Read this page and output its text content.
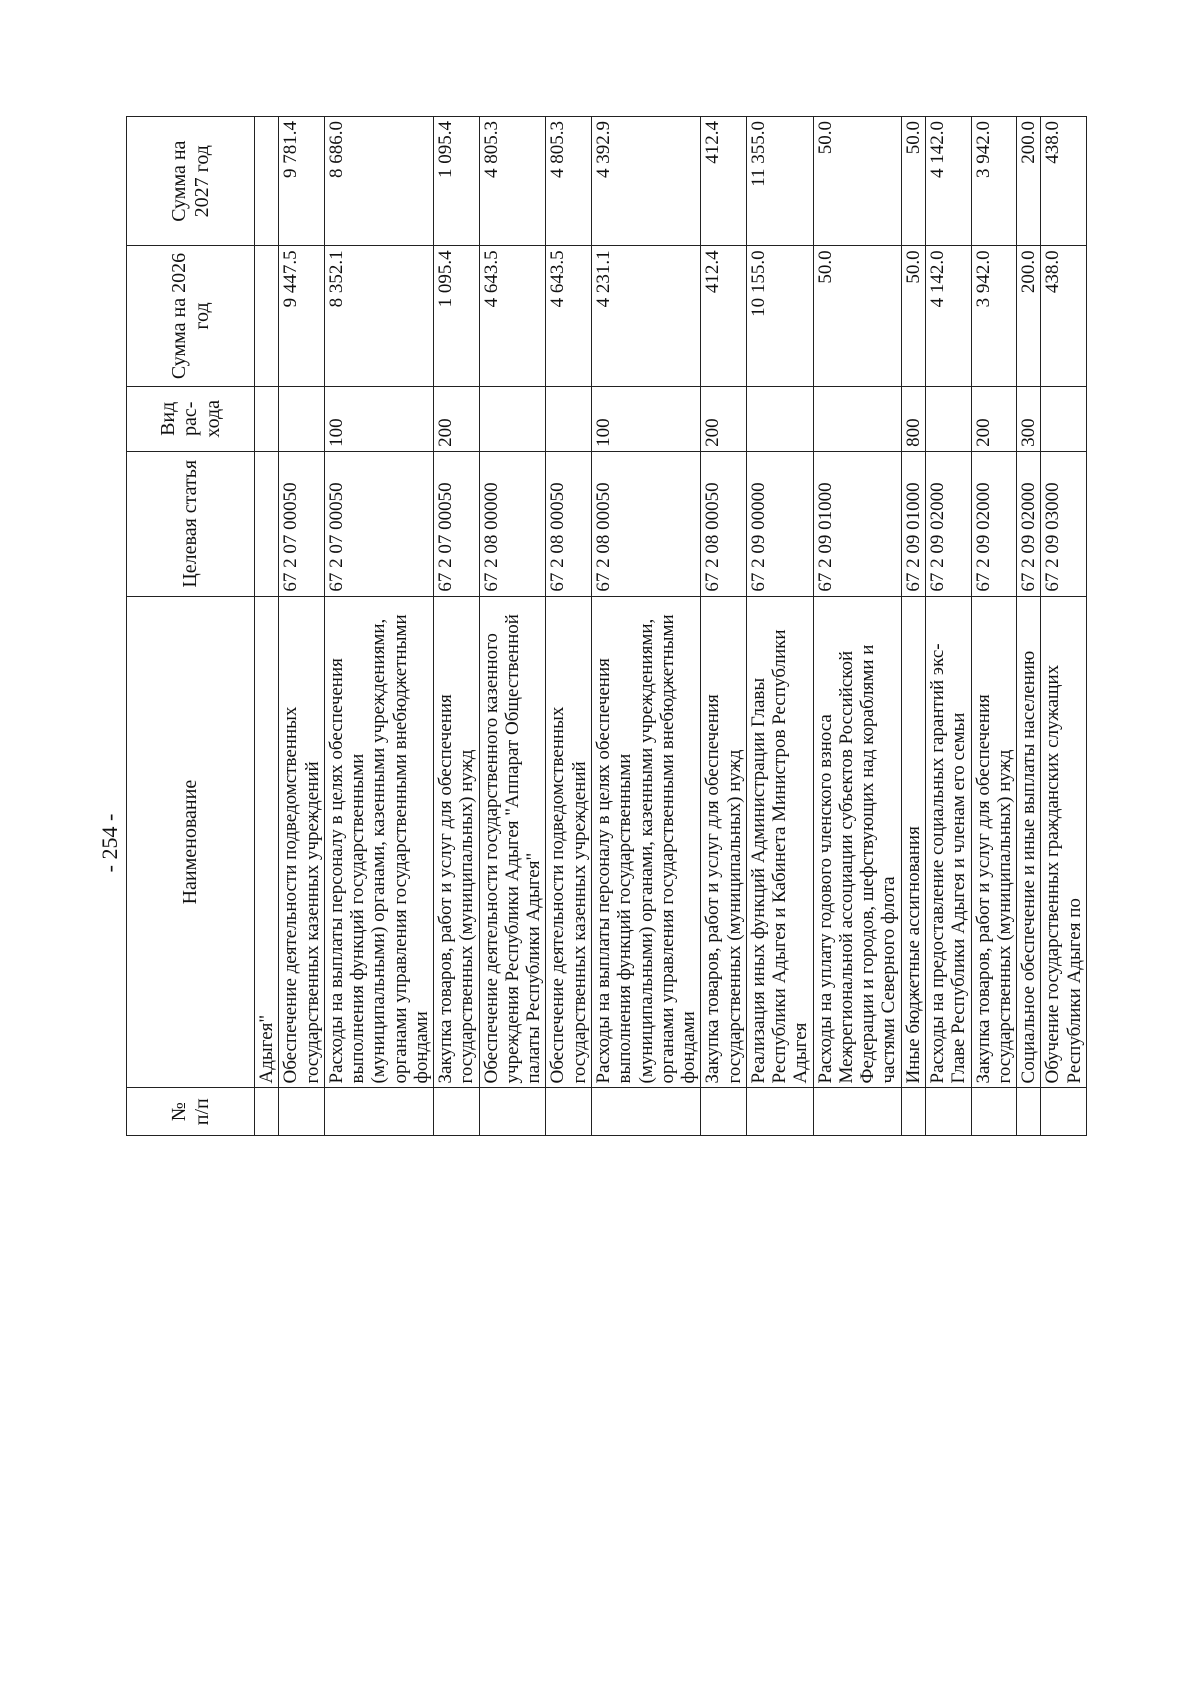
- 254 -
№ п/п	Наименование	Целевая статья	Вид рас-хода	Сумма на 2026 год	Сумма на 2027 год
	Адыгея"				
	Обеспечение деятельности подведомственных государственных казенных учреждений	67 2 07 00050		9 447.5	9 781.4
	Расходы на выплаты персоналу в целях обеспечения выполнения функций государственными (муниципальными) органами, казенными учреждениями, органами управления государственными внебюджетными фондами	67 2 07 00050	100	8 352.1	8 686.0
	Закупка товаров, работ и услуг для обеспечения государственных (муниципальных) нужд	67 2 07 00050	200	1 095.4	1 095.4
	Обеспечение деятельности государственного казенного учреждения Республики Адыгея "Аппарат Общественной палаты Республики Адыгея"	67 2 08 00000		4 643.5	4 805.3
	Обеспечение деятельности подведомственных государственных казенных учреждений	67 2 08 00050		4 643.5	4 805.3
	Расходы на выплаты персоналу в целях обеспечения выполнения функций государственными (муниципальными) органами, казенными учреждениями, органами управления государственными внебюджетными фондами	67 2 08 00050	100	4 231.1	4 392.9
	Закупка товаров, работ и услуг для обеспечения государственных (муниципальных) нужд	67 2 08 00050	200	412.4	412.4
	Реализация иных функций Администрации Главы Республики Адыгея и Кабинета Министров Республики Адыгея	67 2 09 00000		10 155.0	11 355.0
	Расходы на уплату годового членского взноса Межрегиональной ассоциации субъектов Российской Федерации и городов, шефствующих над кораблями и частями Северного флота	67 2 09 01000		50.0	50.0
	Иные бюджетные ассигнования	67 2 09 01000	800	50.0	50.0
	Расходы на предоставление социальных гарантий экс-Главе Республики Адыгея и членам его семьи	67 2 09 02000		4 142.0	4 142.0
	Закупка товаров, работ и услуг для обеспечения государственных (муниципальных) нужд	67 2 09 02000	200	3 942.0	3 942.0
	Социальное обеспечение и иные выплаты населению	67 2 09 02000	300	200.0	200.0
	Обучение государственных гражданских служащих Республики Адыгея по	67 2 09 03000		438.0	438.0
